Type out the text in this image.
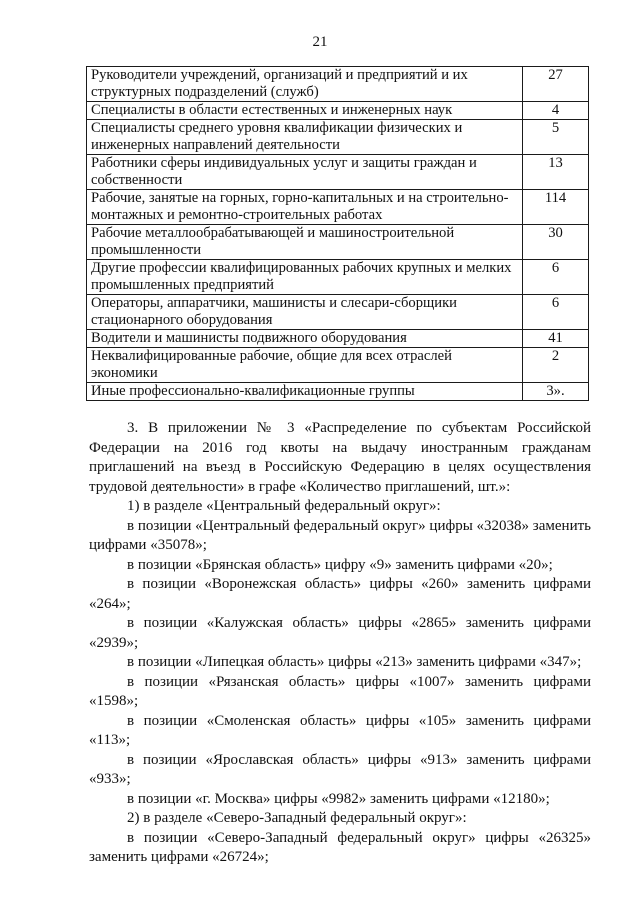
21
Руководители учреждений, организаций и предприятий и их структурных подразделений (служб)	27
Специалисты в области естественных и инженерных наук	4
Специалисты среднего уровня квалификации физических и инженерных направлений деятельности	5
Работники сферы индивидуальных услуг и защиты граждан и собственности	13
Рабочие, занятые на горных, горно-капитальных и на строительно-монтажных и ремонтно-строительных работах	114
Рабочие металлообрабатывающей и машиностроительной промышленности	30
Другие профессии квалифицированных рабочих крупных и мелких промышленных предприятий	6
Операторы, аппаратчики, машинисты и слесари-сборщики стационарного оборудования	6
Водители и машинисты подвижного оборудования	41
Неквалифицированные рабочие, общие для всех отраслей экономики	2
Иные профессионально-квалификационные группы	3».

3. В приложении № 3 «Распределение по субъектам Российской Федерации на 2016 год квоты на выдачу иностранным гражданам приглашений на въезд в Российскую Федерацию в целях осуществления трудовой деятельности» в графе «Количество приглашений, шт.»:

1) в разделе «Центральный федеральный округ»:

в позиции «Центральный федеральный округ» цифры «32038» заменить цифрами «35078»;

в позиции «Брянская область» цифру «9» заменить цифрами «20»;

в позиции «Воронежская область» цифры «260» заменить цифрами «264»;

в позиции «Калужская область» цифры «2865» заменить цифрами «2939»;

в позиции «Липецкая область» цифры «213» заменить цифрами «347»;

в позиции «Рязанская область» цифры «1007» заменить цифрами «1598»;

в позиции «Смоленская область» цифры «105» заменить цифрами «113»;

в позиции «Ярославская область» цифры «913» заменить цифрами «933»;

в позиции «г. Москва» цифры «9982» заменить цифрами «12180»;

2) в разделе «Северо-Западный федеральный округ»:

в позиции «Северо-Западный федеральный округ» цифры «26325» заменить цифрами «26724»;
